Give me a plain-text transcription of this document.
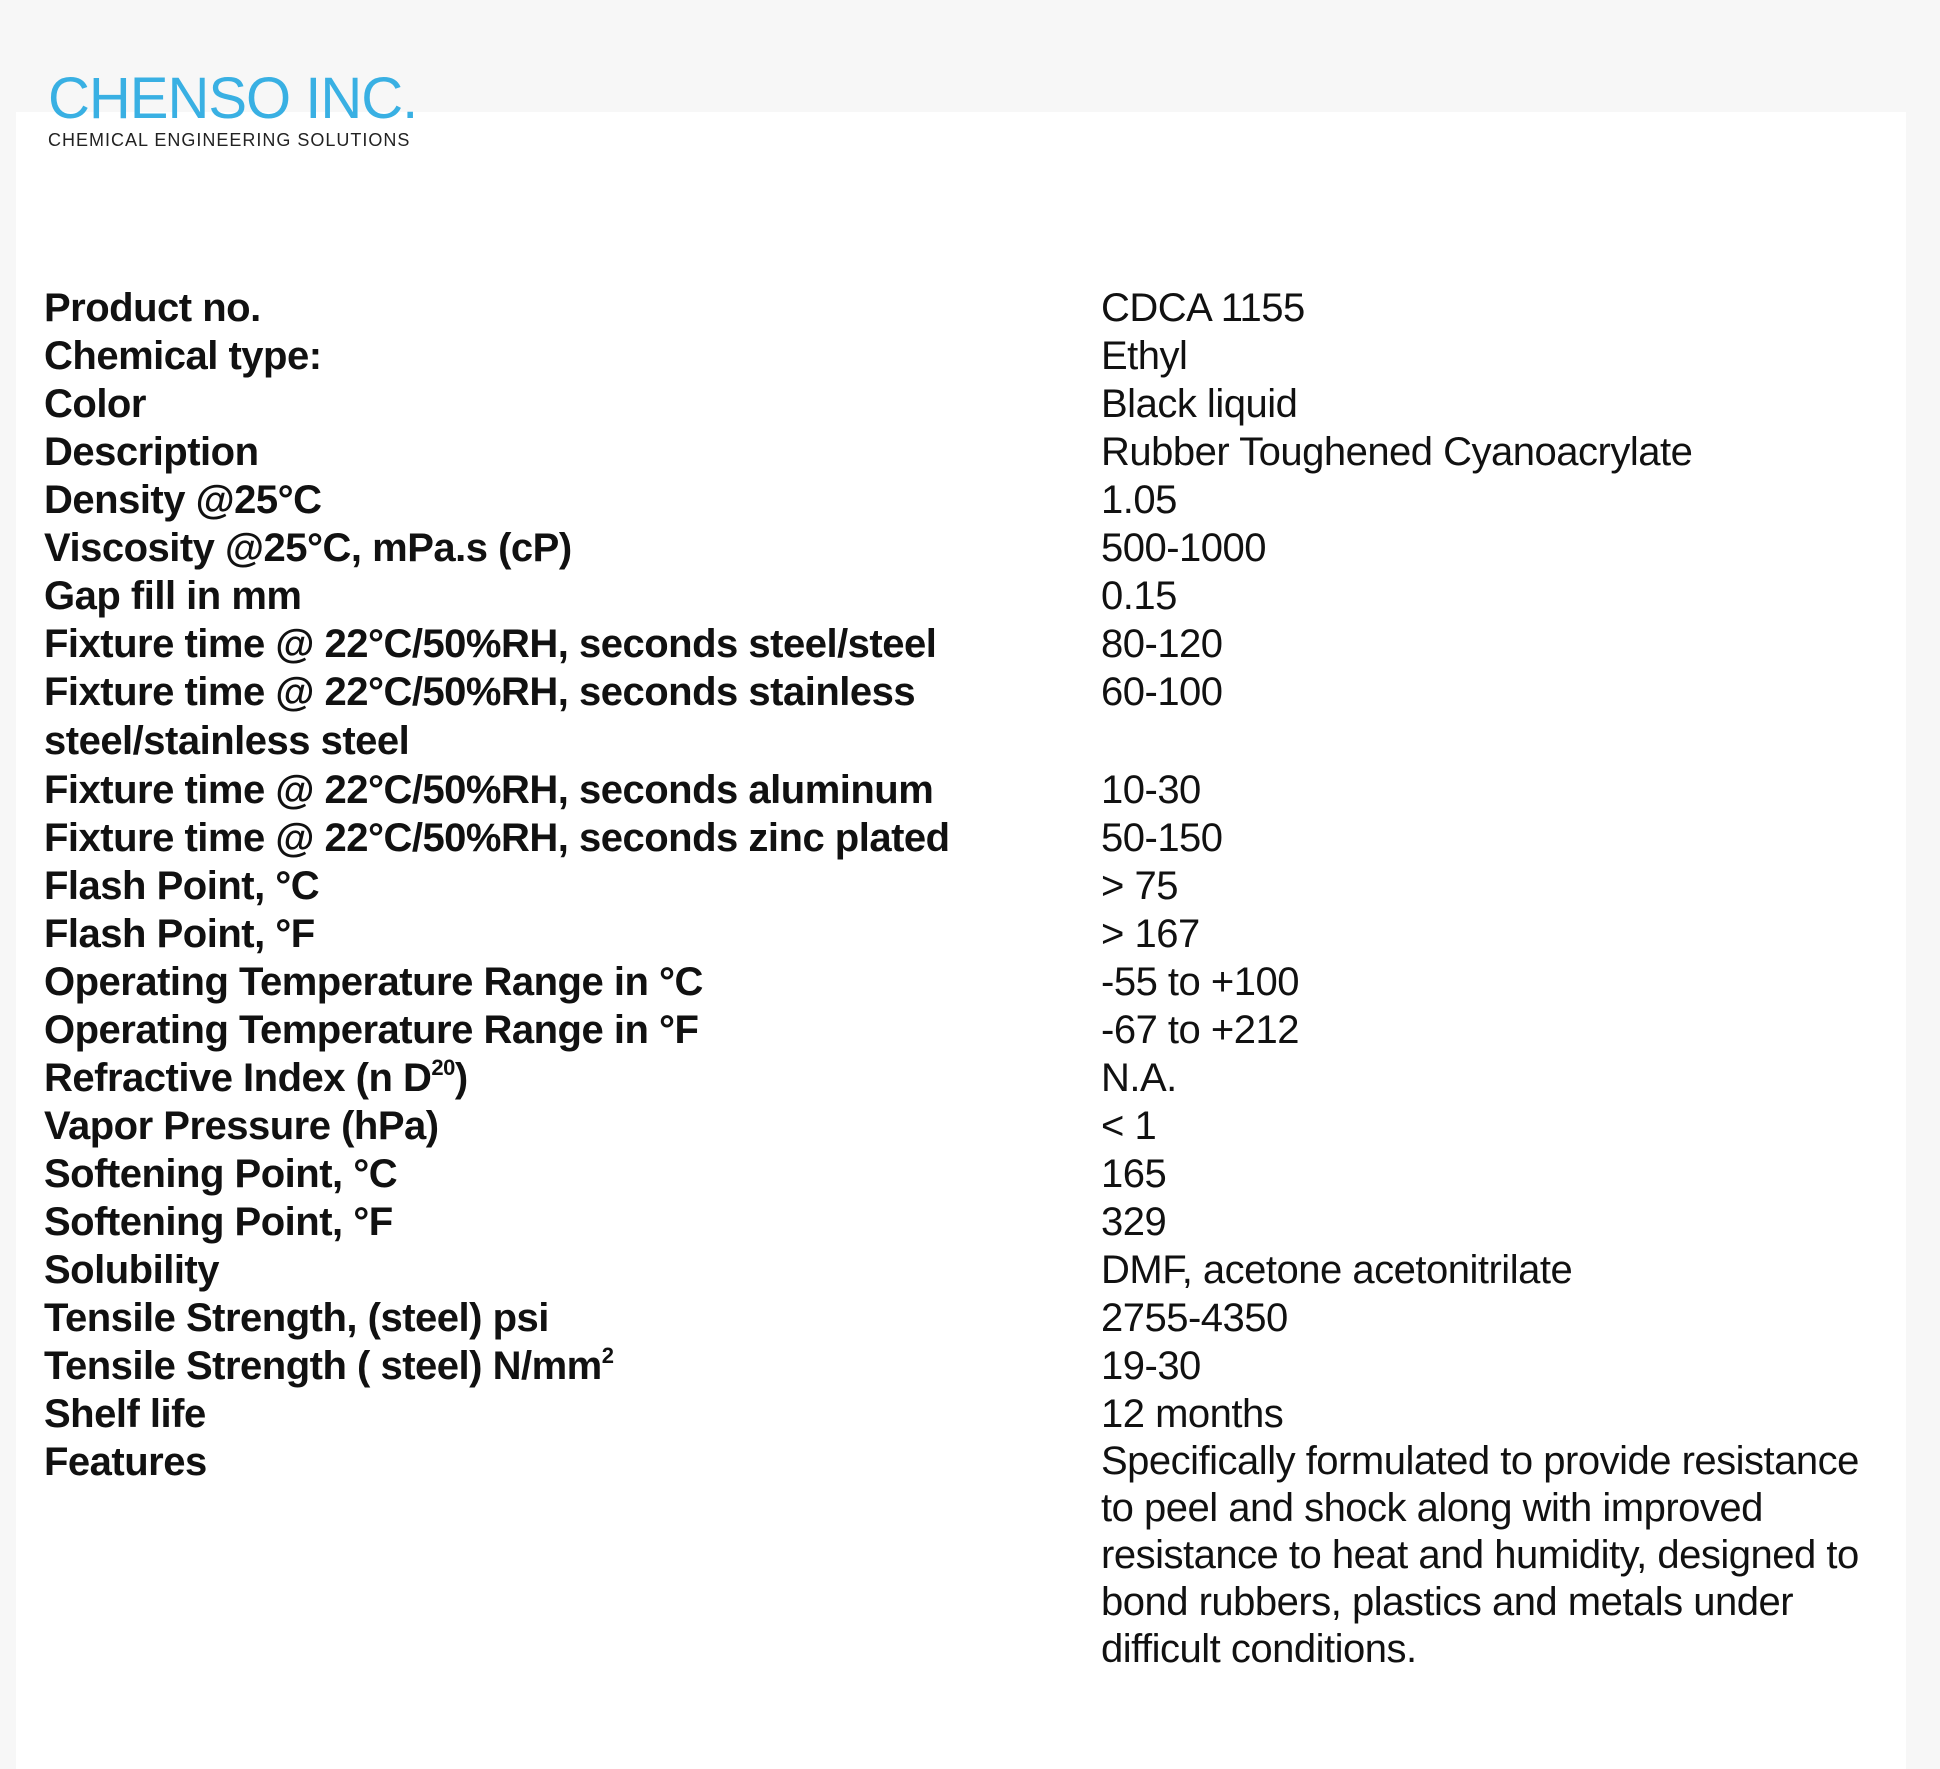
CHENSO INC.
CHEMICAL ENGINEERING SOLUTIONS
Product no.	CDCA 1155
Chemical type:	Ethyl
Color	Black liquid
Description	Rubber Toughened Cyanoacrylate
Density @25°C	1.05
Viscosity @25°C, mPa.s (cP)	500-1000
Gap fill in mm	0.15
Fixture time @ 22°C/50%RH, seconds steel/steel	80-120
Fixture time @ 22°C/50%RH, seconds stainless	60-100
steel/stainless steel
Fixture time @ 22°C/50%RH, seconds aluminum	10-30
Fixture time @ 22°C/50%RH, seconds zinc plated	50-150
Flash Point, °C	> 75
Flash Point, °F	> 167
Operating Temperature Range in °C	-55 to +100
Operating Temperature Range in °F	-67 to +212
Refractive Index (n $D^{20}$)	N.A.
Vapor Pressure (hPa)	< 1
Softening Point, °C	165
Softening Point, °F	329
Solubility	DMF, acetone acetonitrilate
Tensile Strength, (steel) psi	2755-4350
Tensile Strength ( steel) $N/mm^2$	19-30
Shelf life	12 months
Features	Specifically formulated to provide resistance to peel and shock along with improved resistance to heat and humidity, designed to bond rubbers, plastics and metals under difficult conditions.
